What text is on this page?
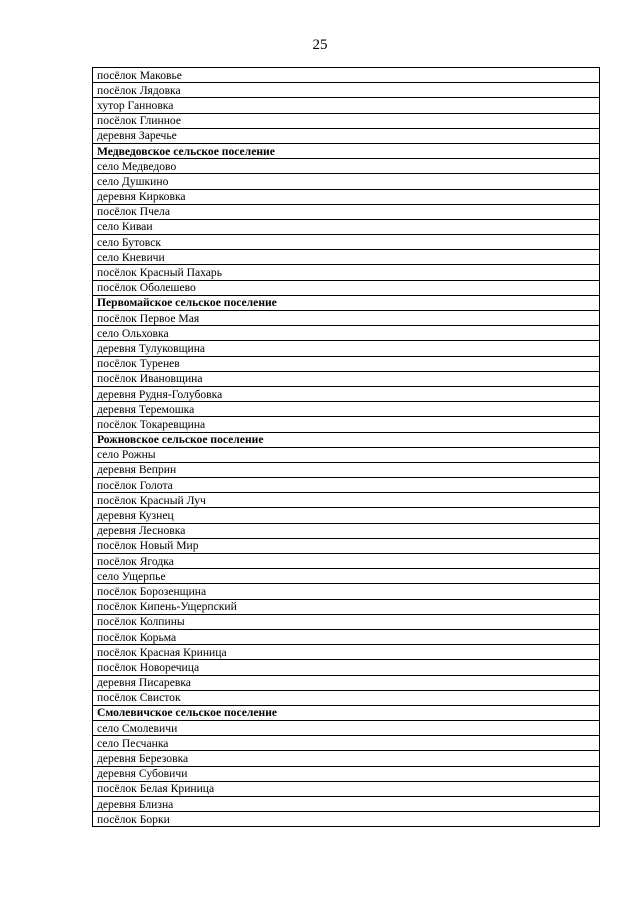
25
посёлок Маковье
посёлок Лядовка
хутор Ганновка
посёлок Глинное
деревня Заречье
Медведовское сельское поселение
село Медведово
село Душкино
деревня Кирковка
посёлок Пчела
село Киваи
село Бутовск
село Кневичи
посёлок Красный Пахарь
посёлок Оболешево
Первомайское сельское поселение
посёлок Первое Мая
село Ольховка
деревня Тулуковщина
посёлок Туренев
посёлок Ивановщина
деревня Рудня-Голубовка
деревня Теремошка
посёлок Токаревщина
Рожновское сельское поселение
село Рожны
деревня Веприн
посёлок Голота
посёлок Красный Луч
деревня Кузнец
деревня Лесновка
посёлок Новый Мир
посёлок Ягодка
село Ущерпье
посёлок Борозенщина
посёлок Кипень-Ущерпский
посёлок Колпины
посёлок Корьма
посёлок Красная Криница
посёлок Новоречица
деревня Писаревка
посёлок Свисток
Смолевичское сельское поселение
село Смолевичи
село Песчанка
деревня Березовка
деревня Субовичи
посёлок Белая Криница
деревня Близна
посёлок Борки
